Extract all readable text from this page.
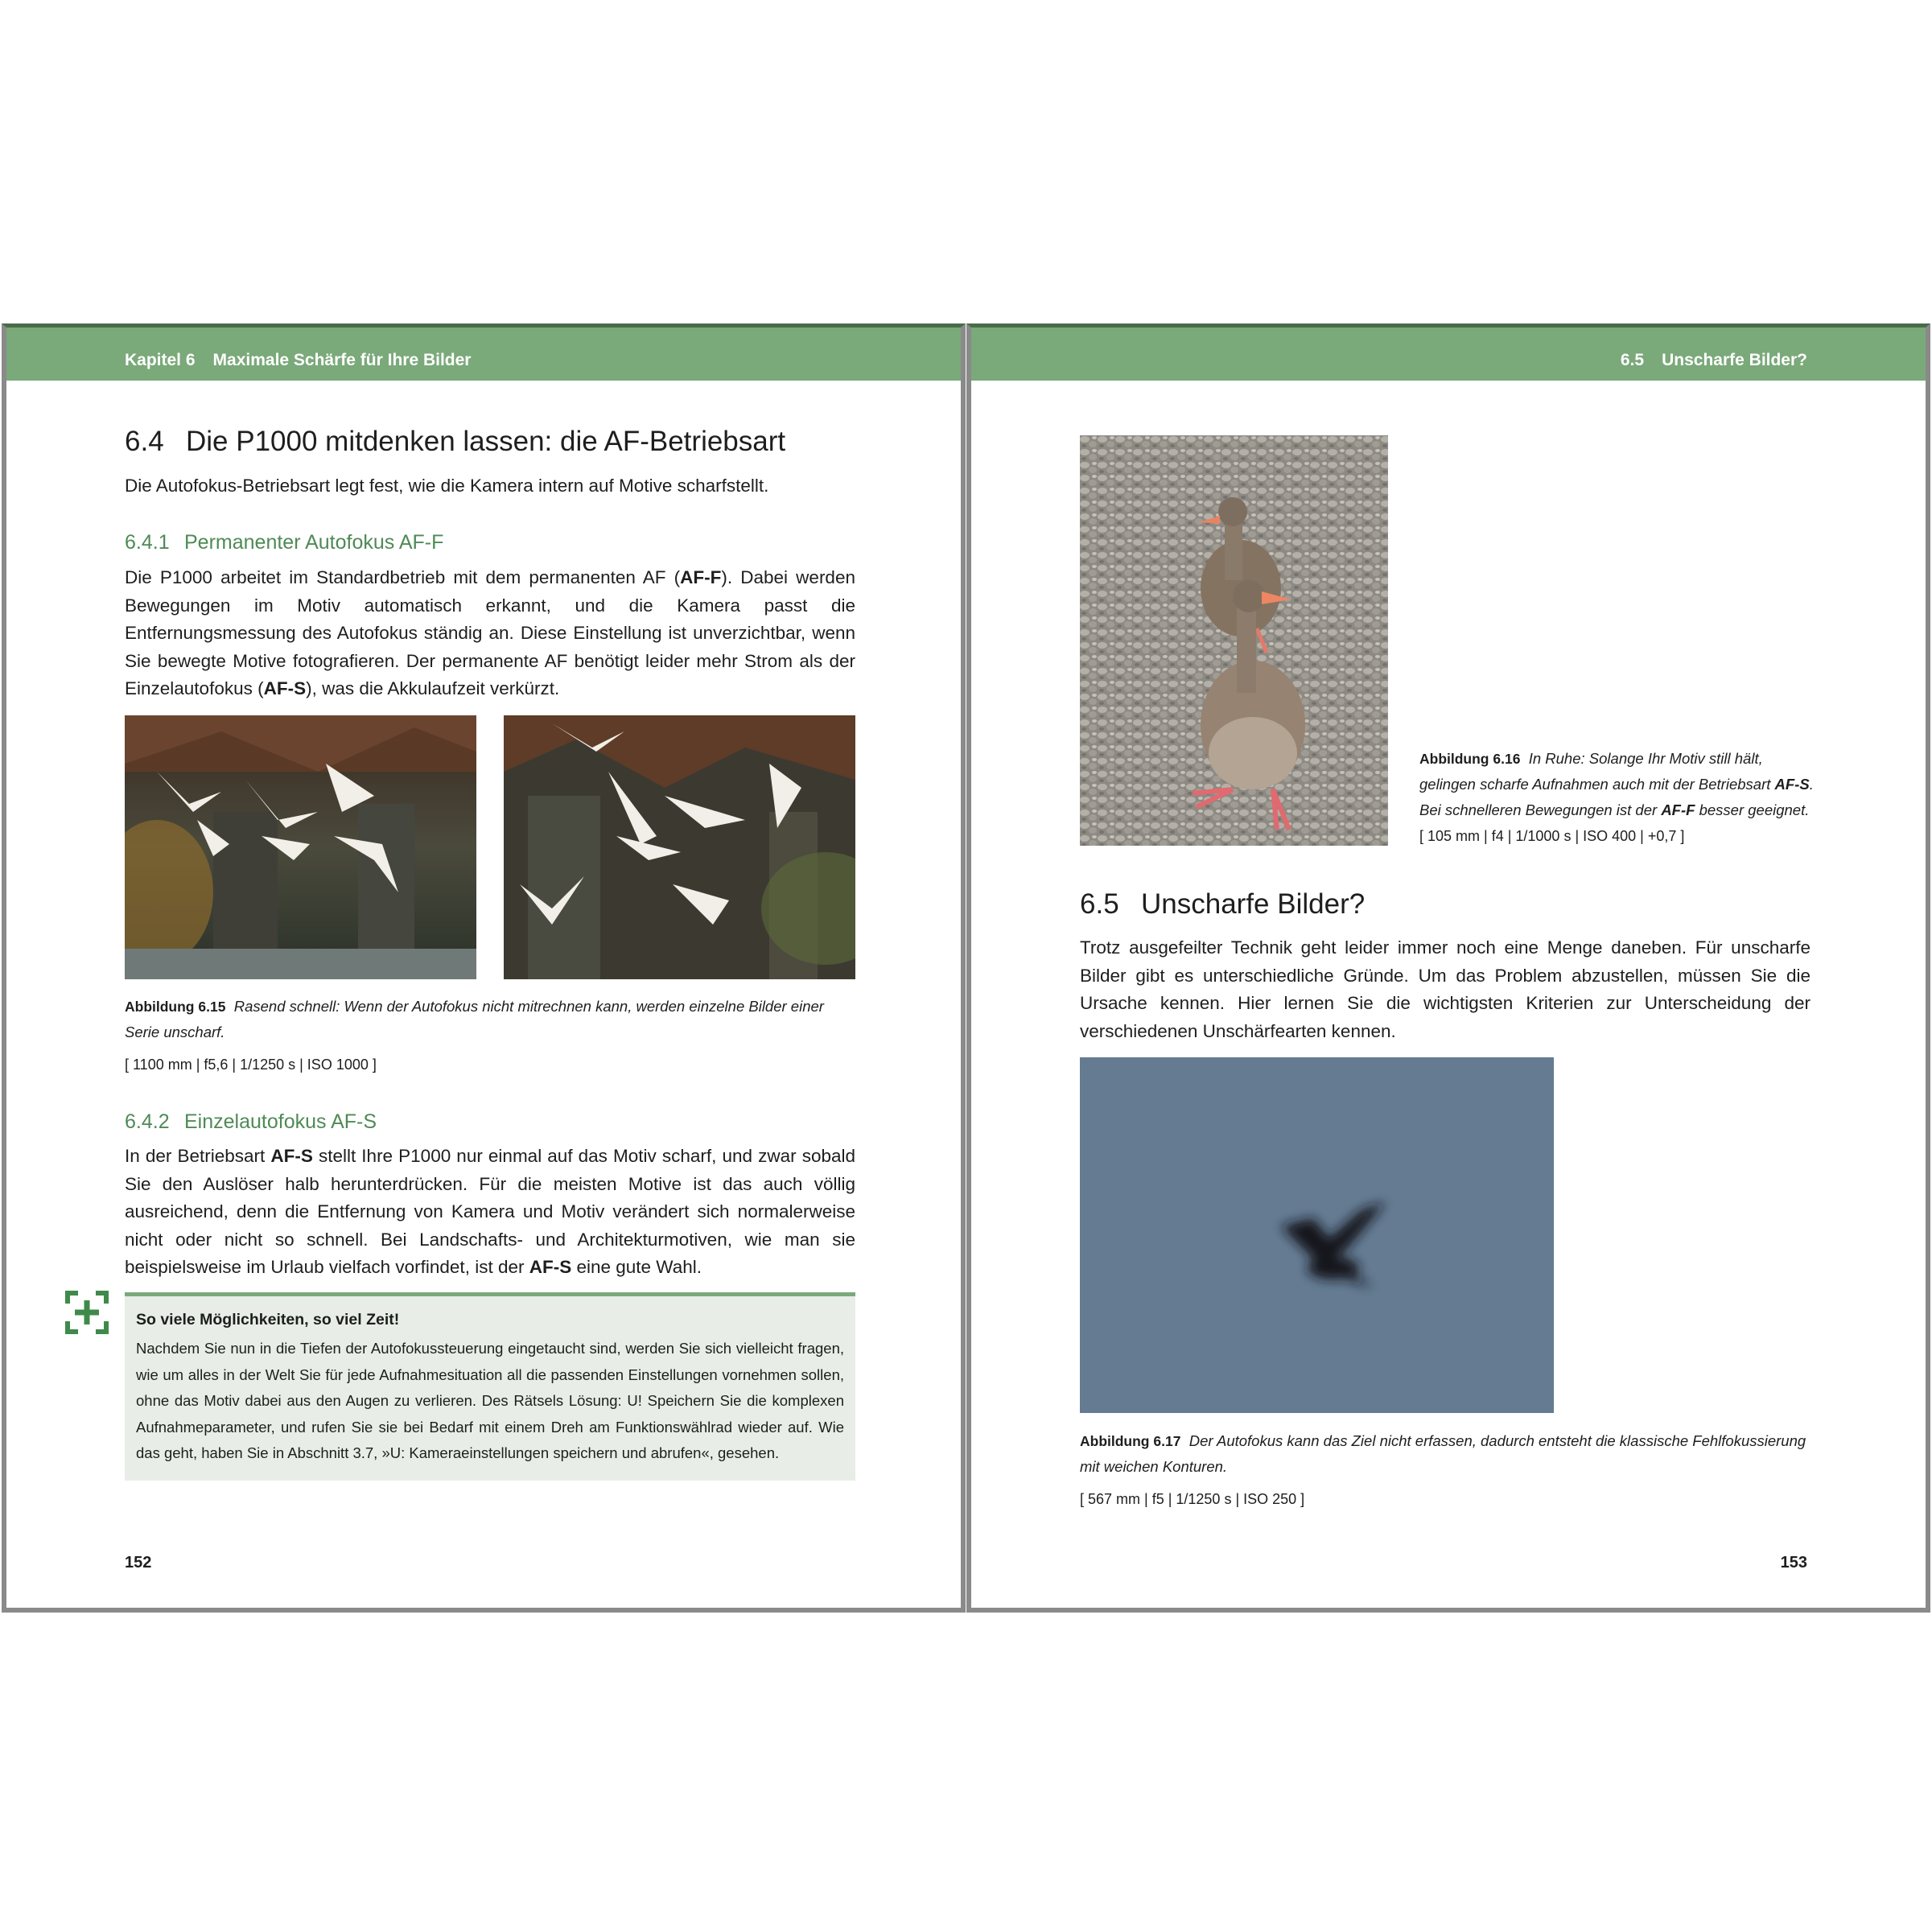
Kapitel 6 Maximale Schärfe für Ihre Bilder
6.4 Die P1000 mitdenken lassen: die AF-Betriebsart

Die Autofokus-Betriebsart legt fest, wie die Kamera intern auf Motive scharfstellt.

6.4.1 Permanenter Autofokus AF-F

Die P1000 arbeitet im Standardbetrieb mit dem permanenten AF (AF-F). Dabei werden Bewegungen im Motiv automatisch erkannt, und die Kamera passt die Entfernungsmessung des Autofokus ständig an. Diese Einstellung ist unverzichtbar, wenn Sie bewegte Motive fotografieren. Der permanente AF benötigt leider mehr Strom als der Einzelautofokus (AF-S), was die Akkulaufzeit verkürzt.

Abbildung 6.15 Rasend schnell: Wenn der Autofokus nicht mitrechnen kann, werden einzelne Bilder einer Serie unscharf.

[ 1100 mm | f5,6 | 1/1250 s | ISO 1000 ]

6.4.2 Einzelautofokus AF-S

In der Betriebsart AF-S stellt Ihre P1000 nur einmal auf das Motiv scharf, und zwar sobald Sie den Auslöser halb herunterdrücken. Für die meisten Motive ist das auch völlig ausreichend, denn die Entfernung von Kamera und Motiv verändert sich normalerweise nicht oder nicht so schnell. Bei Landschafts- und Architekturmotiven, wie man sie beispielsweise im Urlaub vielfach vorfindet, ist der AF-S eine gute Wahl.

So viele Möglichkeiten, so viel Zeit!

Nachdem Sie nun in die Tiefen der Autofokussteuerung eingetaucht sind, werden Sie sich vielleicht fragen, wie um alles in der Welt Sie für jede Aufnahmesituation all die passenden Einstellungen vornehmen sollen, ohne das Motiv dabei aus den Augen zu verlieren. Des Rätsels Lösung: U! Speichern Sie die komplexen Aufnahmeparameter, und rufen Sie sie bei Bedarf mit einem Dreh am Funktionswählrad wieder auf. Wie das geht, haben Sie in Abschnitt 3.7, »U: Kameraeinstellungen speichern und abrufen«, gesehen.

152
6.5 Unscharfe Bilder?

Abbildung 6.16 In Ruhe: Solange Ihr Motiv still hält, gelingen scharfe Aufnahmen auch mit der Betriebsart AF-S. Bei schnelleren Bewegungen ist der AF-F besser geeignet.

[ 105 mm | f4 | 1/1000 s | ISO 400 | +0,7 ]

6.5 Unscharfe Bilder?

Trotz ausgefeilter Technik geht leider immer noch eine Menge daneben. Für unscharfe Bilder gibt es unterschiedliche Gründe. Um das Problem abzustellen, müssen Sie die Ursache kennen. Hier lernen Sie die wichtigsten Kriterien zur Unterscheidung der verschiedenen Unschärfearten kennen.

Abbildung 6.17 Der Autofokus kann das Ziel nicht erfassen, dadurch entsteht die klassische Fehlfokussierung mit weichen Konturen.

[ 567 mm | f5 | 1/1250 s | ISO 250 ]

153
